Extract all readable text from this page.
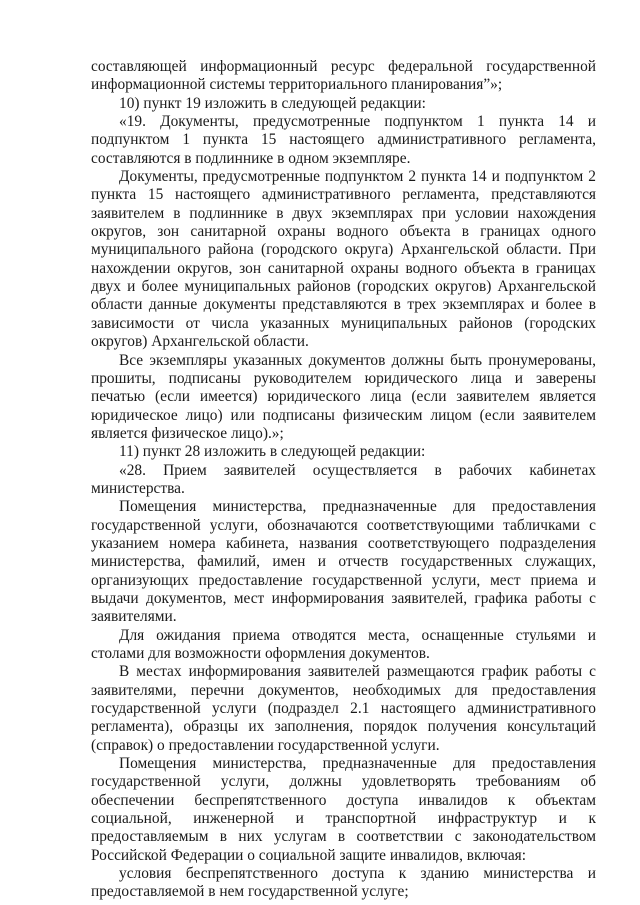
составляющей информационный ресурс федеральной государственной информационной системы территориального планирования”»;

10) пункт 19 изложить в следующей редакции:

«19. Документы, предусмотренные подпунктом 1 пункта 14 и подпунктом 1 пункта 15 настоящего административного регламента, составляются в подлиннике в одном экземпляре.

Документы, предусмотренные подпунктом 2 пункта 14 и подпунктом 2 пункта 15 настоящего административного регламента, представляются заявителем в подлиннике в двух экземплярах при условии нахождения округов, зон санитарной охраны водного объекта в границах одного муниципального района (городского округа) Архангельской области. При нахождении округов, зон санитарной охраны водного объекта в границах двух и более муниципальных районов (городских округов) Архангельской области данные документы представляются в трех экземплярах и более в зависимости от числа указанных муниципальных районов (городских округов) Архангельской области.

Все экземпляры указанных документов должны быть пронумерованы, прошиты, подписаны руководителем юридического лица и заверены печатью (если имеется) юридического лица (если заявителем является юридическое лицо) или подписаны физическим лицом (если заявителем является физическое лицо).»;

11) пункт 28 изложить в следующей редакции:

«28. Прием заявителей осуществляется в рабочих кабинетах министерства.

Помещения министерства, предназначенные для предоставления государственной услуги, обозначаются соответствующими табличками с указанием номера кабинета, названия соответствующего подразделения министерства, фамилий, имен и отчеств государственных служащих, организующих предоставление государственной услуги, мест приема и выдачи документов, мест информирования заявителей, графика работы с заявителями.

Для ожидания приема отводятся места, оснащенные стульями и столами для возможности оформления документов.

В местах информирования заявителей размещаются график работы с заявителями, перечни документов, необходимых для предоставления государственной услуги (подраздел 2.1 настоящего административного регламента), образцы их заполнения, порядок получения консультаций (справок) о предоставлении государственной услуги.

Помещения министерства, предназначенные для предоставления государственной услуги, должны удовлетворять требованиям об обеспечении беспрепятственного доступа инвалидов к объектам социальной, инженерной и транспортной инфраструктур и к предоставляемым в них услугам в соответствии с законодательством Российской Федерации о социальной защите инвалидов, включая:

условия беспрепятственного доступа к зданию министерства и предоставляемой в нем государственной услуге;
